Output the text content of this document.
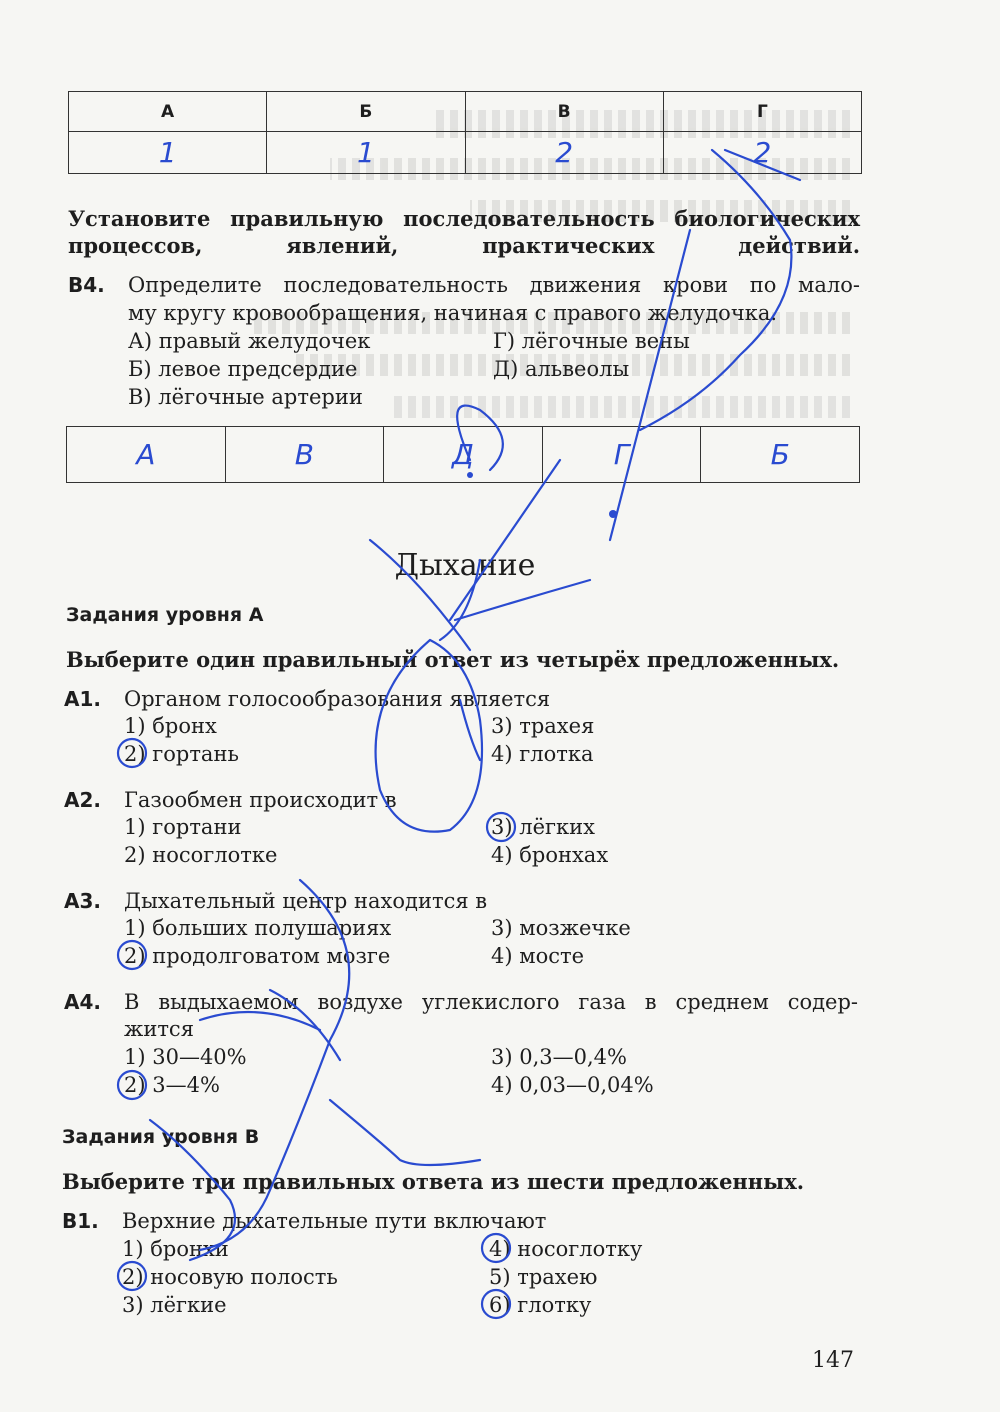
А	Б	В	Г
1	1	2	2
Установите правильную последовательность биологических процессов, явлений, практических действий.
В4. Определите последовательность движения крови по мало-
му кругу кровообращения, начиная с правого желудочка.
А) правый желудочек
Б) левое предсердие
В) лёгочные артерии
Г) лёгочные вены
Д) альвеолы
А	В	Д	Г	Б
Дыхание
Задания уровня А
Выберите один правильный ответ из четырёх предложенных.
А1. Органом голосообразования является
1) бронх	3) трахея
2) гортань	4) глотка
А2. Газообмен происходит в
1) гортани	3) лёгких
2) носоглотке	4) бронхах
А3. Дыхательный центр находится в
1) больших полушариях	3) мозжечке
2) продолговатом мозге	4) мосте
А4. В выдыхаемом воздухе углекислого газа в среднем содер-
жится
1) 30—40%	3) 0,3—0,4%
2) 3—4%	4) 0,03—0,04%
Задания уровня В
Выберите три правильных ответа из шести предложенных.
В1. Верхние дыхательные пути включают
1) бронхи	4) носоглотку
2) носовую полость	5) трахею
3) лёгкие	6) глотку
147
